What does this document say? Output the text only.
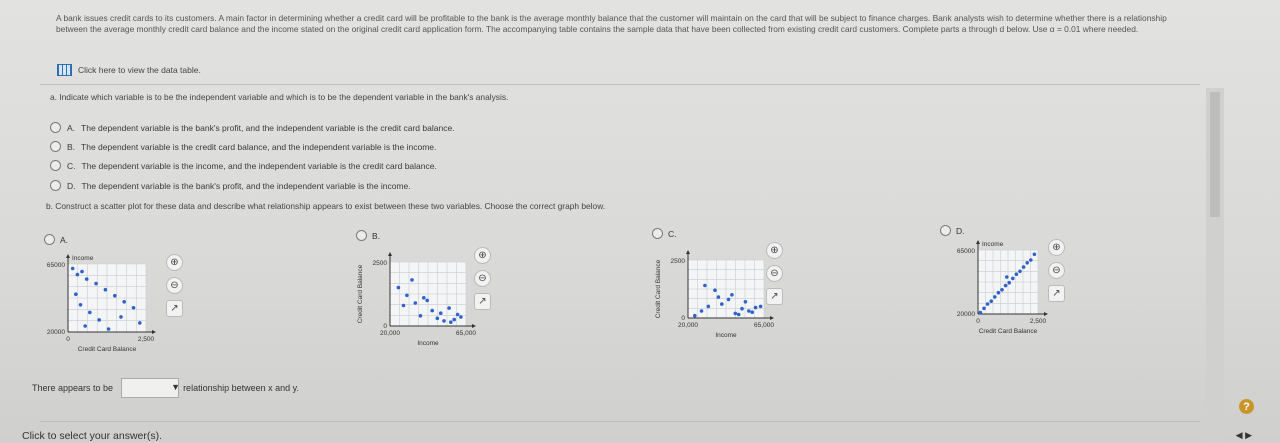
A bank issues credit cards to its customers. A main factor in determining whether a credit card will be profitable to the bank is the average monthly balance that the customer will maintain on the card that will be subject to finance charges. Bank analysts wish to determine whether there is a relationship between the average monthly credit card balance and the income stated on the original credit card application form. The accompanying table contains the sample data that have been collected from existing credit card customers. Complete parts a through d below. Use α = 0.01 where needed.
Click here to view the data table.
a. Indicate which variable is to be the independent variable and which is to be the dependent variable in the bank's analysis.
A. The dependent variable is the bank's profit, and the independent variable is the credit card balance.
B. The dependent variable is the credit card balance, and the independent variable is the income.
C. The dependent variable is the income, and the independent variable is the credit card balance.
D. The dependent variable is the bank's profit, and the independent variable is the income.
b. Construct a scatter plot for these data and describe what relationship appears to exist between these two variables. Choose the correct graph below.
A.	B.	C.	D.
65000
20000
0	2,500
Credit Card Balance
Income
2500
0
20,000	65,000
Income
Credit Card Balance
2500
0
20,000	65,000
Income
Credit Card Balance
65000
20000
0	2,500
Credit Card Balance
Income
⊕
⊖
↗
⊕
⊖
↗
⊕
⊖
↗
⊕
⊖
↗
There appears to be	▼ relationship between x and y.
Click to select your answer(s).
?
◀ ▶
